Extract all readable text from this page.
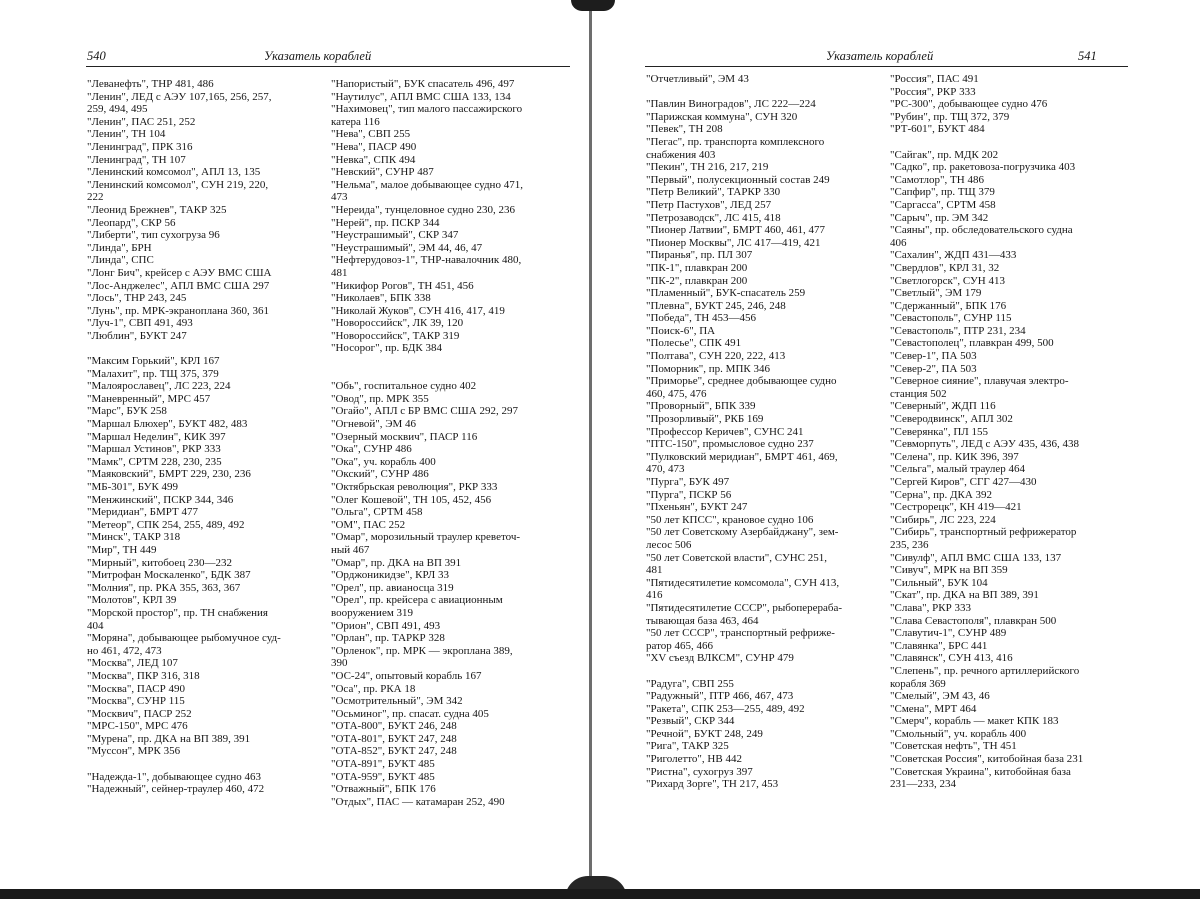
540	Указатель кораблей
"Леванефть", ТНР 481, 486
"Ленин", ЛЕД с АЭУ 107,165, 256, 257,
259, 494, 495
"Ленин", ПАС 251, 252
"Ленин", ТН 104
"Ленинград", ПРК 316
"Ленинград", ТН 107
"Ленинский комсомол", АПЛ 13, 135
"Ленинский комсомол", СУН 219, 220,
222
"Леонид Брежнев", ТАКР 325
"Леопард", СКР 56
"Либерти", тип сухогруза 96
"Линда", БРН
"Линда", СПС
"Лонг Бич", крейсер с АЭУ ВМС США
"Лос-Анджелес", АПЛ ВМС США 297
"Лось", ТНР 243, 245
"Лунь", пр. МРК-экраноплана 360, 361
"Луч-1", СВП 491, 493
"Люблин", БУКТ 247
"Максим Горький", КРЛ 167
"Малахит", пр. ТЩ 375, 379
"Малоярославец", ЛС 223, 224
"Маневренный", МРС 457
"Марс", БУК 258
"Маршал Блюхер", БУКТ 482, 483
"Маршал Неделин", КИК 397
"Маршал Устинов", РКР 333
"Мамк", СРТМ 228, 230, 235
"Маяковский", БМРТ 229, 230, 236
"МБ-301", БУК 499
"Менжинский", ПСКР 344, 346
"Меридиан", БМРТ 477
"Метеор", СПК 254, 255, 489, 492
"Минск", ТАКР 318
"Мир", ТН 449
"Мирный", китобоец 230—232
"Митрофан Москаленко", БДК 387
"Молния", пр. РКА 355, 363, 367
"Молотов", КРЛ 39
"Морской простор", пр. ТН снабжения
404
"Моряна", добывающее рыбомучное суд-
но 461, 472, 473
"Москва", ЛЕД 107
"Москва", ПКР 316, 318
"Москва", ПАСР 490
"Москва", СУНР 115
"Москвич", ПАСР 252
"МРС-150", МРС 476
"Мурена", пр. ДКА на ВП 389, 391
"Муссон", МРК 356
"Надежда-1", добывающее судно 463
"Надежный", сейнер-траулер 460, 472
"Напористый", БУК спасатель 496, 497
"Наутилус", АПЛ ВМС США 133, 134
"Нахимовец", тип малого пассажирского
катера 116
"Нева", СВП 255
"Нева", ПАСР 490
"Невка", СПК 494
"Невский", СУНР 487
"Нельма", малое добывающее судно 471,
473
"Нереида", тунцеловное судно 230, 236
"Нерей", пр. ПСКР 344
"Неустрашимый", СКР 347
"Неустрашимый", ЭМ 44, 46, 47
"Нефтерудовоз-1", ТНР-навалочник 480,
481
"Никифор Рогов", ТН 451, 456
"Николаев", БПК 338
"Николай Жуков", СУН 416, 417, 419
"Новороссийск", ЛК 39, 120
"Новороссийск", ТАКР 319
"Носорог", пр. БДК 384
"Обь", госпитальное судно 402
"Овод", пр. МРК 355
"Огайо", АПЛ с БР ВМС США 292, 297
"Огневой", ЭМ 46
"Озерный москвич", ПАСР 116
"Ока", СУНР 486
"Ока", уч. корабль 400
"Окский", СУНР 486
"Октябрьская революция", РКР 333
"Олег Кошевой", ТН 105, 452, 456
"Ольга", СРТМ 458
"ОМ", ПАС 252
"Омар", морозильный траулер креветоч-
ный 467
"Омар", пр. ДКА на ВП 391
"Орджоникидзе", КРЛ 33
"Орел", пр. авианосца 319
"Орел", пр. крейсера с авиационным
вооружением 319
"Орион", СВП 491, 493
"Орлан", пр. ТАРКР 328
"Орленок", пр. МРК — экроплана 389,
390
"ОС-24", опытовый корабль 167
"Оса", пр. РКА 18
"Осмотрительный", ЭМ 342
"Осьминог", пр. спасат. судна 405
"ОТА-800", БУКТ 246, 248
"ОТА-801", БУКТ 247, 248
"ОТА-852", БУКТ 247, 248
"ОТА-891", БУКТ 485
"ОТА-959", БУКТ 485
"Отважный", БПК 176
"Отдых", ПАС — катамаран 252, 490
Указатель кораблей	541
"Отчетливый", ЭМ 43
"Павлин Виноградов", ЛС 222—224
"Парижская коммуна", СУН 320
"Певек", ТН 208
"Пегас", пр. транспорта комплексного
снабжения 403
"Пекин", ТН 216, 217, 219
"Первый", полусекционный состав 249
"Петр Великий", ТАРКР 330
"Петр Пастухов", ЛЕД 257
"Петрозаводск", ЛС 415, 418
"Пионер Латвии", БМРТ 460, 461, 477
"Пионер Москвы", ЛС 417—419, 421
"Пиранья", пр. ПЛ 307
"ПК-1", плавкран 200
"ПК-2", плавкран 200
"Пламенный", БУК-спасатель 259
"Плевна", БУКТ 245, 246, 248
"Победа", ТН 453—456
"Поиск-6", ПА
"Полесье", СПК 491
"Полтава", СУН 220, 222, 413
"Поморник", пр. МПК 346
"Приморье", среднее добывающее судно
460, 475, 476
"Проворный", БПК 339
"Прозорливый", РКБ 169
"Профессор Керичев", СУНС 241
"ПТС-150", промысловое судно 237
"Пулковский меридиан", БМРТ 461, 469,
470, 473
"Пурга", БУК 497
"Пурга", ПСКР 56
"Пхеньян", БУКТ 247
"50 лет КПСС", крановое судно 106
"50 лет Советскому Азербайджану", зем-
лесос 506
"50 лет Советской власти", СУНС 251,
481
"Пятидесятилетие комсомола", СУН 413,
416
"Пятидесятилетие СССР", рыбоперерабa-
тывающая база 463, 464
"50 лет СССР", транспортный рефриже-
ратор 465, 466
"XV съезд ВЛКСМ", СУНР 479
"Радуга", СВП 255
"Радужный", ПТР 466, 467, 473
"Ракета", СПК 253—255, 489, 492
"Резвый", СКР 344
"Речной", БУКТ 248, 249
"Рига", ТАКР 325
"Риголетто", НВ 442
"Ристна", сухогруз 397
"Рихард Зорге", ТН 217, 453
"Россия", ПАС 491
"Россия", РКР 333
"РС-300", добывающее судно 476
"Рубин", пр. ТЩ 372, 379
"РТ-601", БУКТ 484
"Сайгак", пр. МДК 202
"Садко", пр. ракетовоза-погрузчика 403
"Самотлор", ТН 486
"Сапфир", пр. ТЩ 379
"Саргасса", СРТМ 458
"Сарыч", пр. ЭМ 342
"Саяны", пр. обследовательского судна
406
"Сахалин", ЖДП 431—433
"Свердлов", КРЛ 31, 32
"Светлогорск", СУН 413
"Светлый", ЭМ 179
"Сдержанный", БПК 176
"Севастополь", СУНР 115
"Севастополь", ПТР 231, 234
"Севастополец", плавкран 499, 500
"Север-1", ПА 503
"Север-2", ПА 503
"Северное сияние", плавучая электро-
станция 502
"Северный", ЖДП 116
"Северодвинск", АПЛ 302
"Северянка", ПЛ 155
"Севморпуть", ЛЕД с АЭУ 435, 436, 438
"Селена", пр. КИК 396, 397
"Сельга", малый траулер 464
"Сергей Киров", СГГ 427—430
"Серна", пр. ДКА 392
"Сестрорецк", КН 419—421
"Сибирь", ЛС 223, 224
"Сибирь", транспортный рефрижератор
235, 236
"Сивулф", АПЛ ВМС США 133, 137
"Сивуч", МРК на ВП 359
"Сильный", БУК 104
"Скат", пр. ДКА на ВП 389, 391
"Слава", РКР 333
"Слава Севастополя", плавкран 500
"Славутич-1", СУНР 489
"Славянка", БРС 441
"Славянск", СУН 413, 416
"Слепень", пр. речного артиллерийского
корабля 369
"Смелый", ЭМ 43, 46
"Смена", МРТ 464
"Смерч", корабль — макет КПК 183
"Смольный", уч. корабль 400
"Советская нефть", ТН 451
"Советская Россия", китобойная база 231
"Советская Украина", китобойная база
231—233, 234
